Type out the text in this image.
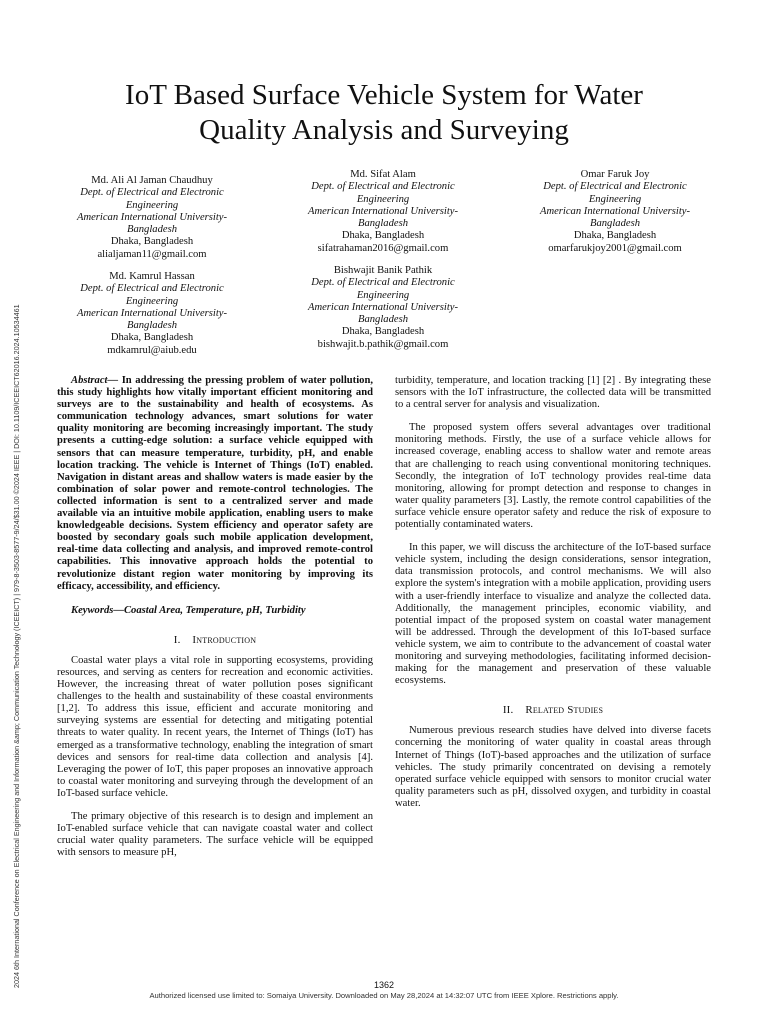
2024 6th International Conference on Electrical Engineering and Information &amp; Communication Technology (ICEEICT) | 979-8-3503-8577-9/24/$31.00 ©2024 IEEE | DOI: 10.1109/ICEEICT62016.2024.10534461
IoT Based Surface Vehicle System for Water
Quality Analysis and Surveying
Md. Ali Al Jaman Chaudhuy
Dept. of Electrical and Electronic
Engineering
American International University-
Bangladesh
Dhaka, Bangladesh
alialjaman11@gmail.com
Md. Sifat Alam
Dept. of Electrical and Electronic
Engineering
American International University-
Bangladesh
Dhaka, Bangladesh
sifatrahaman2016@gmail.com
Omar Faruk Joy
Dept. of Electrical and Electronic
Engineering
American International University-
Bangladesh
Dhaka, Bangladesh
omarfarukjoy2001@gmail.com
Md. Kamrul Hassan
Dept. of Electrical and Electronic
Engineering
American International University-
Bangladesh
Dhaka, Bangladesh
mdkamrul@aiub.edu
Bishwajit Banik Pathik
Dept. of Electrical and Electronic
Engineering
American International University-
Bangladesh
Dhaka, Bangladesh
bishwajit.b.pathik@gmail.com

Abstract— In addressing the pressing problem of water pollution, this study highlights how vitally important efficient monitoring and surveys are to the sustainability and health of ecosystems. As communication technology advances, smart solutions for water quality monitoring are becoming increasingly important. The study presents a cutting-edge solution: a surface vehicle equipped with sensors that can measure temperature, turbidity, pH, and enable location tracking. The vehicle is Internet of Things (IoT) enabled. Navigation in distant areas and shallow waters is made easier by the combination of solar power and remote-control technologies. The collected information is sent to a centralized server and made available via an intuitive mobile application, enabling users to make knowledgeable decisions. System efficiency and operator safety are boosted by secondary goals such mobile application development, real-time data collecting and analysis, and improved remote-control capabilities. This innovative approach holds the potential to revolutionize distant region water monitoring by improving its efficacy, accessibility, and efficiency.

Keywords—Coastal Area, Temperature, pH, Turbidity

I. Introduction

Coastal water plays a vital role in supporting ecosystems, providing resources, and serving as centers for recreation and economic activities. However, the increasing threat of water pollution poses significant challenges to the health and sustainability of these coastal environments [1,2]. To address this issue, efficient and accurate monitoring and surveying systems are essential for detecting and mitigating potential threats to water quality. In recent years, the Internet of Things (IoT) has emerged as a transformative technology, enabling the integration of smart devices and sensors for real-time data collection and analysis [4]. Leveraging the power of IoT, this paper proposes an innovative approach to coastal water monitoring and surveying through the development of an IoT-based surface vehicle.

The primary objective of this research is to design and implement an IoT-enabled surface vehicle that can navigate coastal water and collect crucial water quality parameters. The surface vehicle will be equipped with sensors to measure pH,

turbidity, temperature, and location tracking [1] [2] . By integrating these sensors with the IoT infrastructure, the collected data will be transmitted to a central server for analysis and visualization.

The proposed system offers several advantages over traditional monitoring methods. Firstly, the use of a surface vehicle allows for increased coverage, enabling access to shallow water and remote areas that are challenging to reach using conventional monitoring techniques. Secondly, the integration of IoT technology provides real-time data monitoring, allowing for prompt detection and response to changes in water quality parameters [3]. Lastly, the remote control capabilities of the surface vehicle ensure operator safety and reduce the risk of exposure to potentially contaminated waters.

In this paper, we will discuss the architecture of the IoT-based surface vehicle system, including the design considerations, sensor integration, data transmission protocols, and control mechanisms. We will also explore the system's integration with a mobile application, providing users with a user-friendly interface to visualize and analyze the collected data. Additionally, the management principles, economic viability, and potential impact of the proposed system on coastal water management will be addressed. Through the development of this IoT-based surface vehicle system, we aim to contribute to the advancement of coastal water monitoring and surveying methodologies, facilitating informed decision-making for the management and preservation of these valuable ecosystems.

II. Related Studies

Numerous previous research studies have delved into diverse facets concerning the monitoring of water quality in coastal areas through Internet of Things (IoT)-based approaches and the utilization of surface vehicles. The study primarily concentrated on devising a remotely operated surface vehicle equipped with sensors to monitor crucial water quality parameters such as pH, dissolved oxygen, and turbidity in coastal water.

1362
Authorized licensed use limited to: Somaiya University. Downloaded on May 28,2024 at 14:32:07 UTC from IEEE Xplore. Restrictions apply.
